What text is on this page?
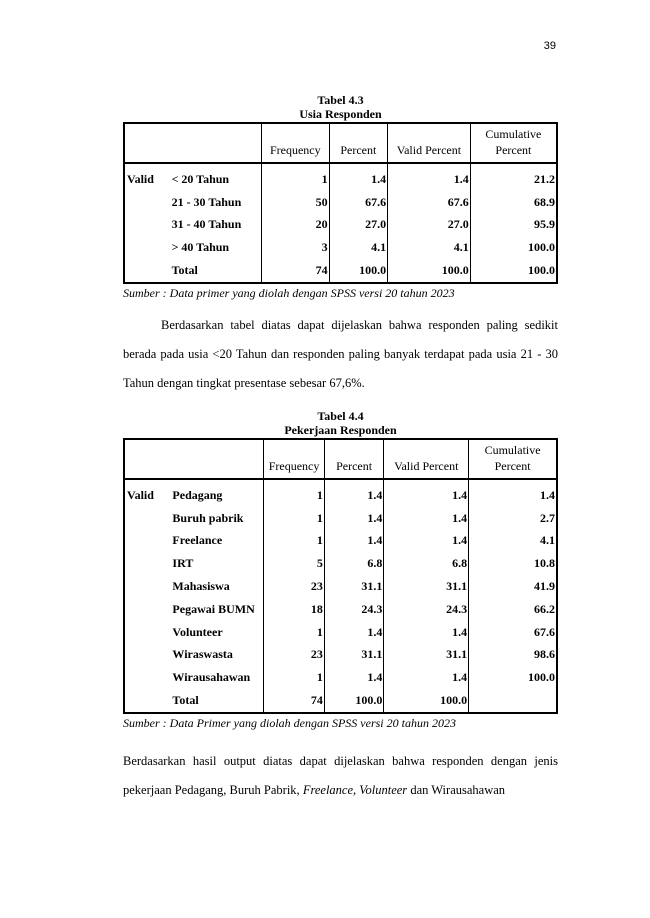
39
Tabel 4.3
Usia Responden
		Frequency	Percent	Valid Percent	Cumulative Percent
Valid	< 20 Tahun	1	1.4	1.4	21.2
	21 - 30 Tahun	50	67.6	67.6	68.9
	31 - 40 Tahun	20	27.0	27.0	95.9
	> 40 Tahun	3	4.1	4.1	100.0
	Total	74	100.0	100.0	100.0
Sumber : Data primer yang diolah dengan SPSS versi 20 tahun 2023
Berdasarkan tabel diatas dapat dijelaskan bahwa responden paling sedikit berada pada usia <20 Tahun dan responden paling banyak terdapat pada usia 21 - 30 Tahun dengan tingkat presentase sebesar 67,6%.
Tabel 4.4
Pekerjaan Responden
		Frequency	Percent	Valid Percent	Cumulative Percent
Valid	Pedagang	1	1.4	1.4	1.4
	Buruh pabrik	1	1.4	1.4	2.7
	Freelance	1	1.4	1.4	4.1
	IRT	5	6.8	6.8	10.8
	Mahasiswa	23	31.1	31.1	41.9
	Pegawai BUMN	18	24.3	24.3	66.2
	Volunteer	1	1.4	1.4	67.6
	Wiraswasta	23	31.1	31.1	98.6
	Wirausahawan	1	1.4	1.4	100.0
	Total	74	100.0	100.0	
Sumber : Data Primer yang diolah dengan SPSS versi 20 tahun 2023
Berdasarkan hasil output diatas dapat dijelaskan bahwa responden dengan jenis pekerjaan Pedagang, Buruh Pabrik, Freelance, Volunteer dan Wirausahawan
